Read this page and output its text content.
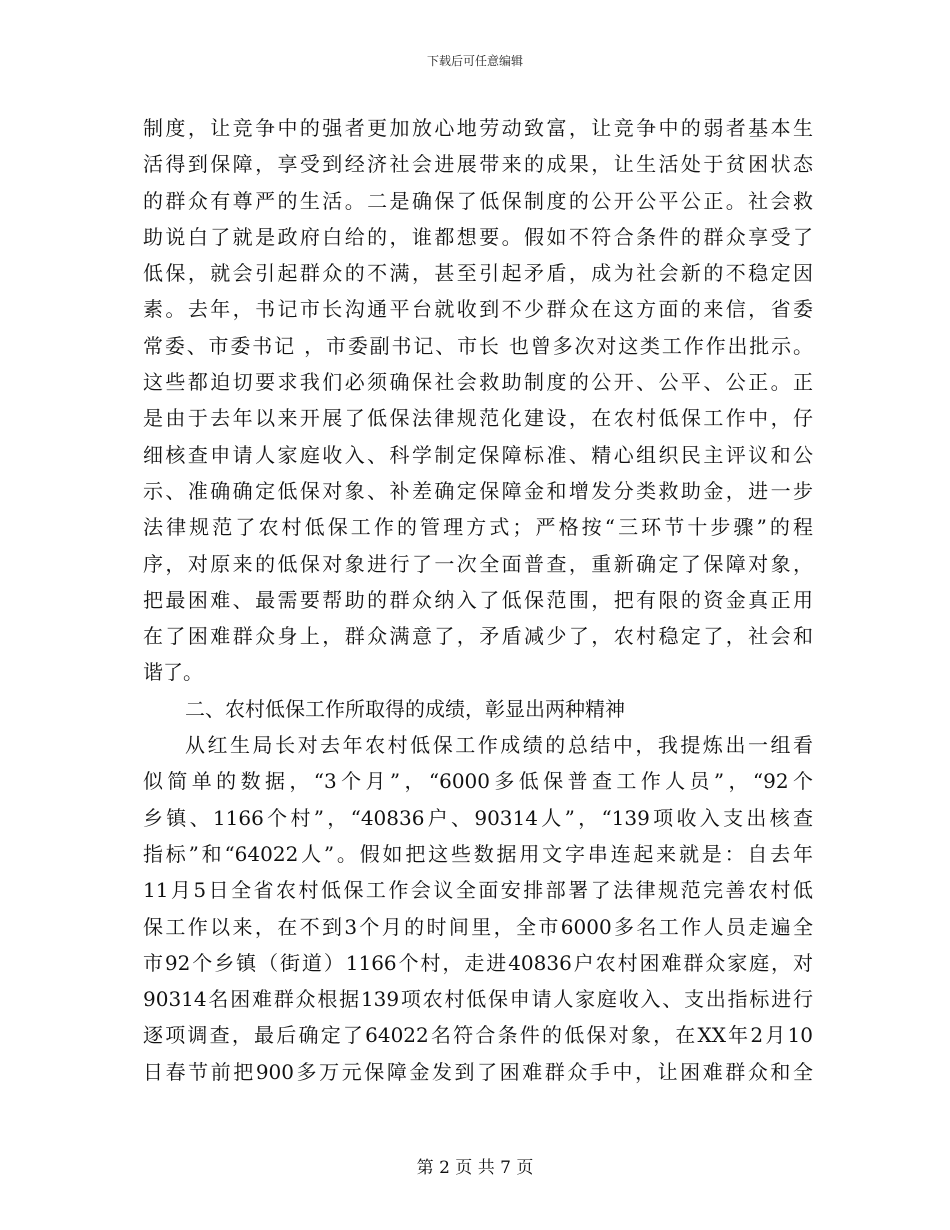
下载后可任意编辑
制度，让竞争中的强者更加放心地劳动致富，让竞争中的弱者基本生
活得到保障，享受到经济社会进展带来的成果，让生活处于贫困状态
的群众有尊严的生活。二是确保了低保制度的公开公平公正。社会救
助说白了就是政府白给的，谁都想要。假如不符合条件的群众享受了
低保，就会引起群众的不满，甚至引起矛盾，成为社会新的不稳定因
素。去年，书记市长沟通平台就收到不少群众在这方面的来信，省委
常委、市委书记 ，市委副书记、市长 也曾多次对这类工作作出批示。
这些都迫切要求我们必须确保社会救助制度的公开、公平、公正。正
是由于去年以来开展了低保法律规范化建设，在农村低保工作中，仔
细核查申请人家庭收入、科学制定保障标准、精心组织民主评议和公
示、准确确定低保对象、补差确定保障金和增发分类救助金，进一步
法律规范了农村低保工作的管理方式；严格按“三环节十步骤”的程
序，对原来的低保对象进行了一次全面普查，重新确定了保障对象，
把最困难、最需要帮助的群众纳入了低保范围，把有限的资金真正用
在了困难群众身上，群众满意了，矛盾减少了，农村稳定了，社会和
谐了。
二、农村低保工作所取得的成绩，彰显出两种精神
从红生局长对去年农村低保工作成绩的总结中，我提炼出一组看
似简单的数据，“3个月”，“6000多低保普查工作人员”，“92个
乡镇、1166个村”，“40836户、90314人”，“139项收入支出核查
指标”和“64022人”。假如把这些数据用文字串连起来就是：自去年
11月5日全省农村低保工作会议全面安排部署了法律规范完善农村低
保工作以来，在不到3个月的时间里，全市6000多名工作人员走遍全
市92个乡镇（街道）1166个村，走进40836户农村困难群众家庭，对
90314名困难群众根据139项农村低保申请人家庭收入、支出指标进行
逐项调查，最后确定了64022名符合条件的低保对象，在XX年2月10
日春节前把900多万元保障金发到了困难群众手中，让困难群众和全
第 2 页 共 7 页
